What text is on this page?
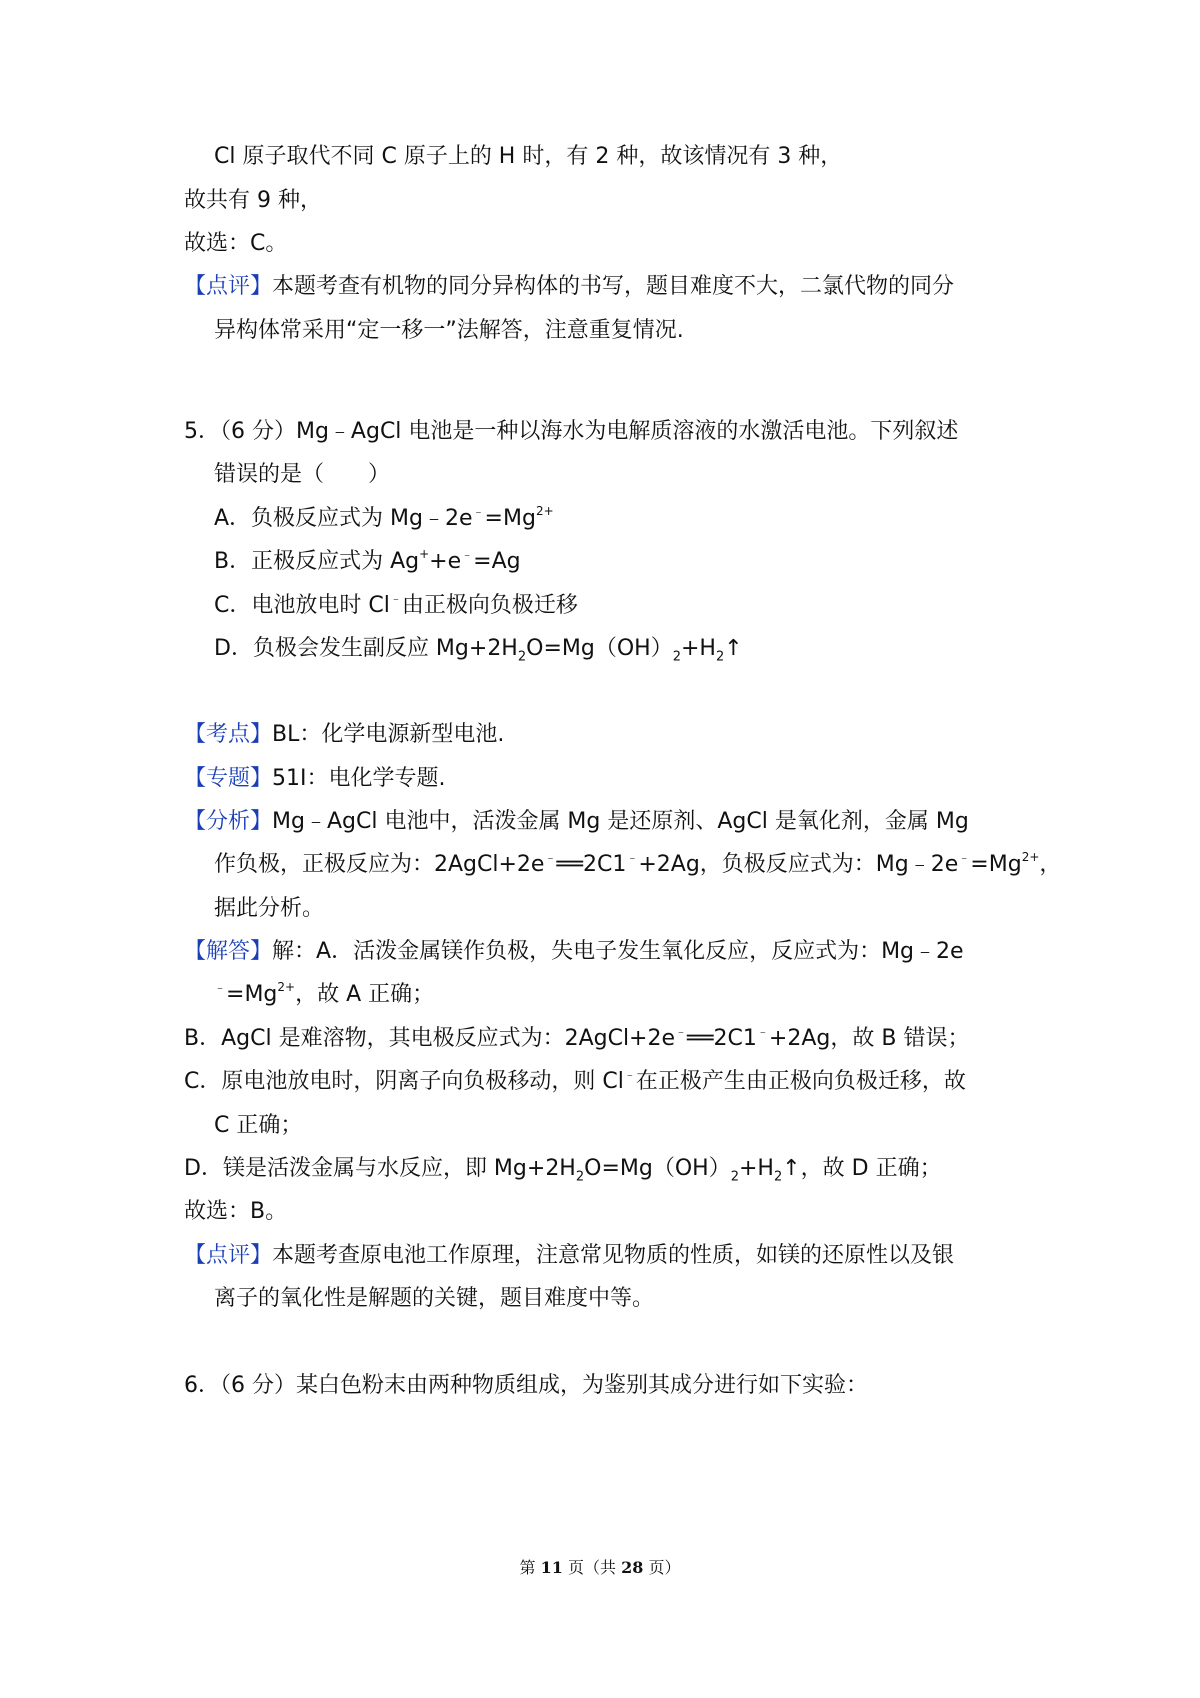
Cl 原子取代不同 C 原子上的 H 时，有 2 种，故该情况有 3 种，
故共有 9 种，
故选：C。
【点评】本题考查有机物的同分异构体的书写，题目难度不大，二氯代物的同分
异构体常采用“定一移一”法解答，注意重复情况.
5．（6 分）Mg﹣AgCl 电池是一种以海水为电解质溶液的水激活电池。下列叙述
错误的是（　　）
A．负极反应式为 $Mg﹣2e^﹣=Mg^{2+}$
B．正极反应式为 Ag++e﹣=Ag
C．电池放电时 Cl﹣由正极向负极迁移
D．负极会发生副反应 $Mg+2H_2O=Mg(OH)_2+H_2↑$
【考点】BL：化学电源新型电池.
【专题】51I：电化学专题.
【分析】Mg﹣AgCl 电池中，活泼金属 Mg 是还原剂、AgCl 是氧化剂，金属 Mg
作负极，正极反应为：2AgCl+2e﹣══2C1﹣+2Ag，负极反应式为：$Mg﹣2e^﹣=Mg^{2+}$，
据此分析。
【解答】解：A．活泼金属镁作负极，失电子发生氧化反应，反应式为：Mg﹣2e
$^﹣=Mg^{2+}$，故 A 正确；
B．AgCl 是难溶物，其电极反应式为：2AgCl+2e﹣══2C1﹣+2Ag，故 B 错误；
C．原电池放电时，阴离子向负极移动，则 Cl﹣在正极产生由正极向负极迁移，故
C 正确；
D．镁是活泼金属与水反应，即 $Mg+2H_2O=Mg(OH)_2+H_2↑$，故 D 正确；
故选：B。
【点评】本题考查原电池工作原理，注意常见物质的性质，如镁的还原性以及银
离子的氧化性是解题的关键，题目难度中等。
6．（6 分）某白色粉末由两种物质组成，为鉴别其成分进行如下实验：
第 11 页（共 28 页）
